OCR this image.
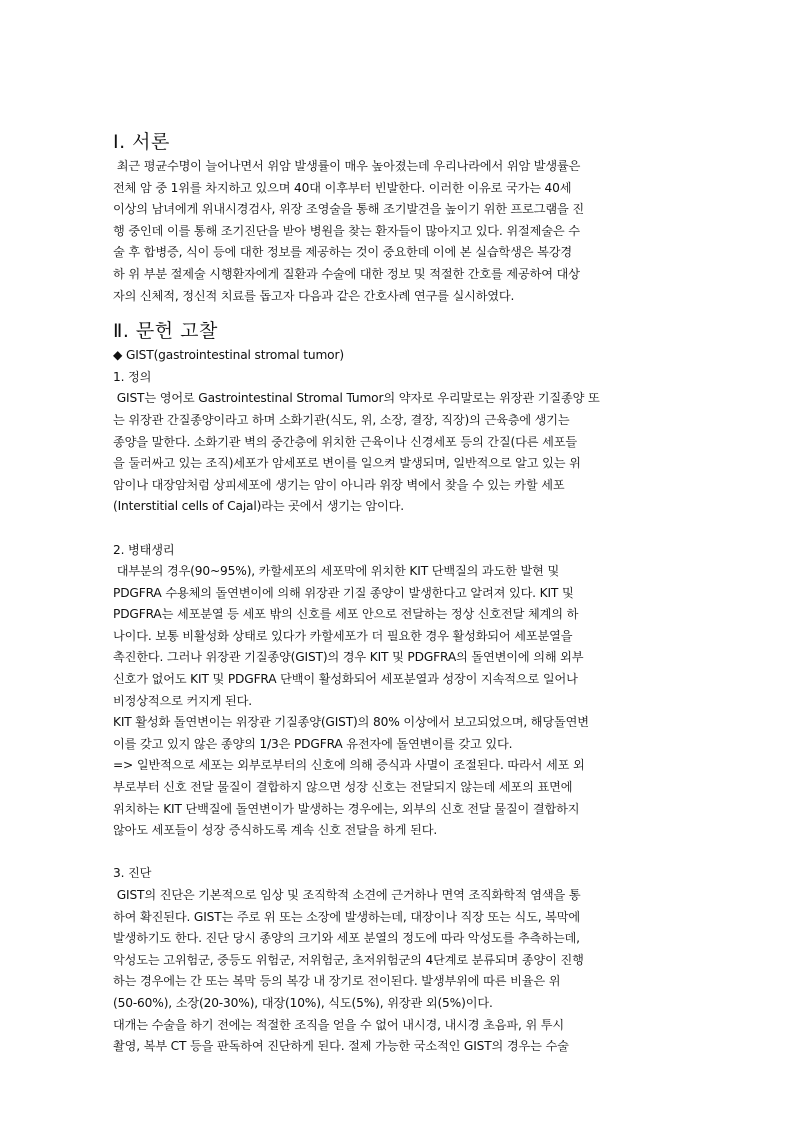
Ⅰ. 서론
최근 평균수명이 늘어나면서 위암 발생률이 매우 높아졌는데 우리나라에서 위암 발생률은
전체 암 중 1위를 차지하고 있으며 40대 이후부터 빈발한다. 이러한 이유로 국가는 40세
이상의 남녀에게 위내시경검사, 위장 조영술을 통해 조기발견을 높이기 위한 프로그램을 진
행 중인데 이를 통해 조기진단을 받아 병원을 찾는 환자들이 많아지고 있다. 위절제술은 수
술 후 합병증, 식이 등에 대한 정보를 제공하는 것이 중요한데 이에 본 실습학생은 복강경
하 위 부분 절제술 시행환자에게 질환과 수술에 대한 정보 및 적절한 간호를 제공하여 대상
자의 신체적, 정신적 치료를 돕고자 다음과 같은 간호사례 연구를 실시하였다.
Ⅱ. 문헌 고찰
◆ GIST(gastrointestinal stromal tumor)
1. 정의
GIST는 영어로 Gastrointestinal Stromal Tumor의 약자로 우리말로는 위장관 기질종양 또
는 위장관 간질종양이라고 하며 소화기관(식도, 위, 소장, 결장, 직장)의 근육층에 생기는
종양을 말한다. 소화기관 벽의 중간층에 위치한 근육이나 신경세포 등의 간질(다른 세포들
을 둘러싸고 있는 조직)세포가 암세포로 변이를 일으켜 발생되며, 일반적으로 알고 있는 위
암이나 대장암처럼 상피세포에 생기는 암이 아니라 위장 벽에서 찾을 수 있는 카할 세포
(Interstitial cells of Cajal)라는 곳에서 생기는 암이다.
2. 병태생리
대부분의 경우(90~95%), 카할세포의 세포막에 위치한 KIT 단백질의 과도한 발현 및
PDGFRA 수용체의 돌연변이에 의해 위장관 기질 종양이 발생한다고 알려져 있다. KIT 및
PDGFRA는 세포분열 등 세포 밖의 신호를 세포 안으로 전달하는 정상 신호전달 체계의 하
나이다. 보통 비활성화 상태로 있다가 카할세포가 더 필요한 경우 활성화되어 세포분열을
촉진한다. 그러나 위장관 기질종양(GIST)의 경우 KIT 및 PDGFRA의 돌연변이에 의해 외부
신호가 없어도 KIT 및 PDGFRA 단백이 활성화되어 세포분열과 성장이 지속적으로 일어나
비정상적으로 커지게 된다.
KIT 활성화 돌연변이는 위장관 기질종양(GIST)의 80% 이상에서 보고되었으며, 해당돌연변
이를 갖고 있지 않은 종양의 1/3은 PDGFRA 유전자에 돌연변이를 갖고 있다.
=> 일반적으로 세포는 외부로부터의 신호에 의해 증식과 사멸이 조절된다. 따라서 세포 외
부로부터 신호 전달 물질이 결합하지 않으면 성장 신호는 전달되지 않는데 세포의 표면에
위치하는 KIT 단백질에 돌연변이가 발생하는 경우에는, 외부의 신호 전달 물질이 결합하지
않아도 세포들이 성장 증식하도록 계속 신호 전달을 하게 된다.
3. 진단
GIST의 진단은 기본적으로 임상 및 조직학적 소견에 근거하나 면역 조직화학적 염색을 통
하여 확진된다. GIST는 주로 위 또는 소장에 발생하는데, 대장이나 직장 또는 식도, 복막에
발생하기도 한다. 진단 당시 종양의 크기와 세포 분열의 정도에 따라 악성도를 추측하는데,
악성도는 고위험군, 중등도 위험군, 저위험군, 초저위험군의 4단계로 분류되며 종양이 진행
하는 경우에는 간 또는 복막 등의 복강 내 장기로 전이된다. 발생부위에 따른 비율은 위
(50-60%), 소장(20-30%), 대장(10%), 식도(5%), 위장관 외(5%)이다.
대개는 수술을 하기 전에는 적절한 조직을 얻을 수 없어 내시경, 내시경 초음파, 위 투시
촬영, 복부 CT 등을 판독하여 진단하게 된다. 절제 가능한 국소적인 GIST의 경우는 수술
